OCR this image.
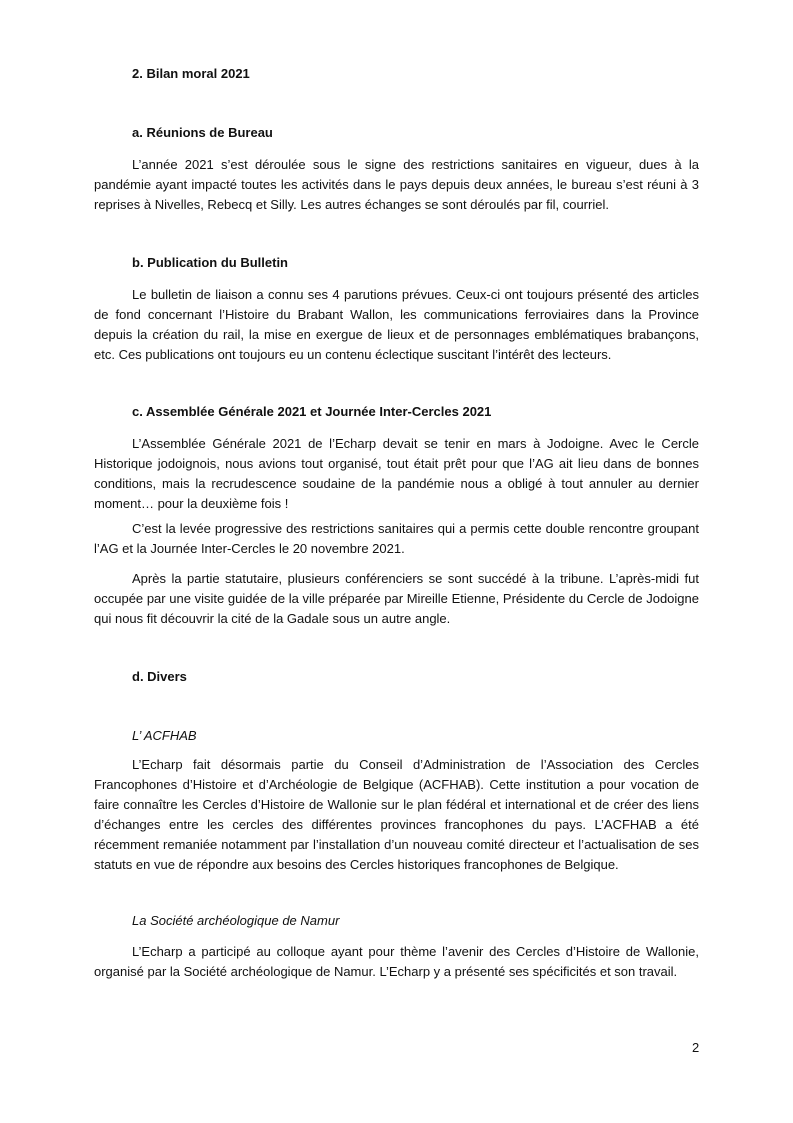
2. Bilan moral 2021
a. Réunions de Bureau

L’année 2021 s’est déroulée sous le signe des restrictions sanitaires en vigueur, dues à la pandémie ayant impacté toutes les activités dans le pays depuis deux années, le bureau s’est réuni à 3 reprises à Nivelles, Rebecq et Silly. Les autres échanges se sont déroulés par fil, courriel.

b. Publication du Bulletin

Le bulletin de liaison a connu ses 4 parutions prévues. Ceux-ci ont toujours présenté des articles de fond concernant l’Histoire du Brabant Wallon, les communications ferroviaires dans la Province depuis la création du rail, la mise en exergue de lieux et de personnages emblématiques brabançons, etc. Ces publications ont toujours eu un contenu éclectique suscitant l’intérêt des lecteurs.

c. Assemblée Générale 2021 et Journée Inter-Cercles 2021

L’Assemblée Générale 2021 de l’Echarp devait se tenir en mars à Jodoigne. Avec le Cercle Historique jodoignois, nous avions tout organisé, tout était prêt pour que l’AG ait lieu dans de bonnes conditions, mais la recrudescence soudaine de la pandémie nous a obligé à tout annuler au dernier moment… pour la deuxième fois !

C’est la levée progressive des restrictions sanitaires qui a permis cette double rencontre groupant l’AG et la Journée Inter-Cercles le 20 novembre 2021.

Après la partie statutaire, plusieurs conférenciers se sont succédé à la tribune. L’après-midi fut occupée par une visite guidée de la ville préparée par Mireille Etienne, Présidente du Cercle de Jodoigne qui nous fit découvrir la cité de la Gadale sous un autre angle.

d. Divers
L’ ACFHAB

L’Echarp fait désormais partie du Conseil d’Administration de l’Association des Cercles Francophones d’Histoire et d’Archéologie de Belgique (ACFHAB). Cette institution a pour vocation de faire connaître les Cercles d’Histoire de Wallonie sur le plan fédéral et international et de créer des liens d’échanges entre les cercles des différentes provinces francophones du pays. L’ACFHAB a été récemment remaniée notamment par l’installation d’un nouveau comité directeur et l’actualisation de ses statuts en vue de répondre aux besoins des Cercles historiques francophones de Belgique.

La Société archéologique de Namur

L’Echarp a participé au colloque ayant pour thème l’avenir des Cercles d’Histoire de Wallonie, organisé par la Société archéologique de Namur. L’Echarp y a présenté ses spécificités et son travail.

2
